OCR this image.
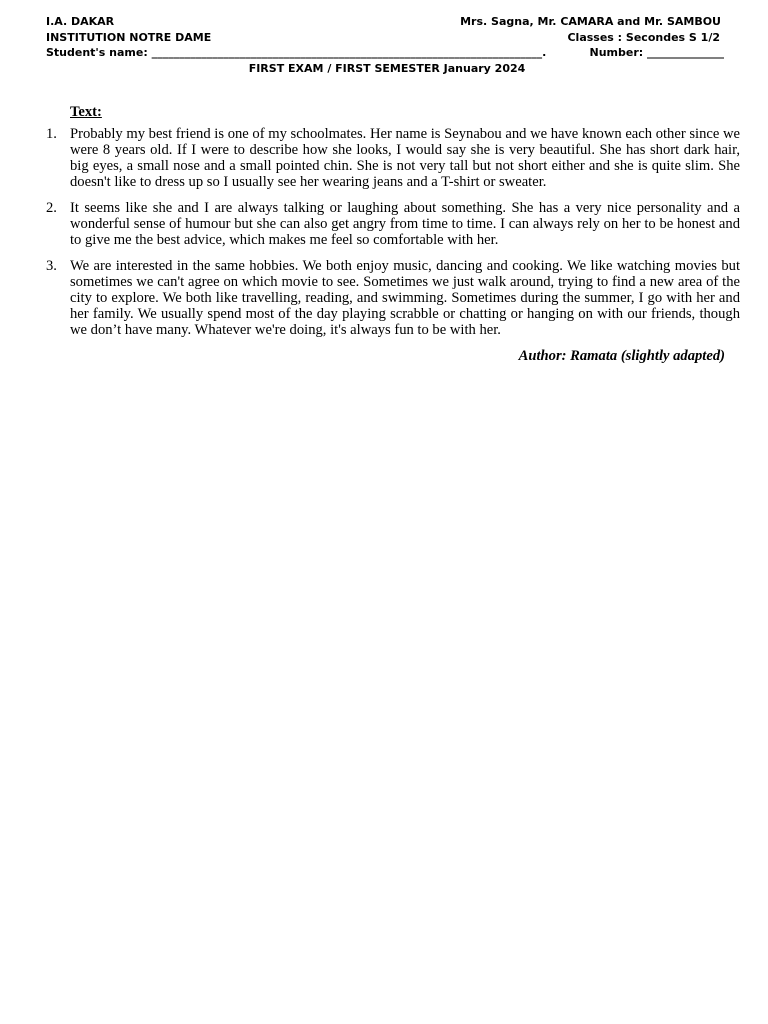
I.A. DAKAR	Mrs. Sagna, Mr. CAMARA and Mr. SAMBOU
INSTITUTION NOTRE DAME	Classes : Secondes S 1/2
Student's name: _______________________________________________________________________.	Number: ______________
FIRST EXAM / FIRST SEMESTER January 2024
Text:
1. Probably my best friend is one of my schoolmates. Her name is Seynabou and we have known each other since we were 8 years old. If I were to describe how she looks, I would say she is very beautiful. She has short dark hair, big eyes, a small nose and a small pointed chin. She is not very tall but not short either and she is quite slim. She doesn't like to dress up so I usually see her wearing jeans and a T-shirt or sweater.
2. It seems like she and I are always talking or laughing about something. She has a very nice personality and a wonderful sense of humour but she can also get angry from time to time. I can always rely on her to be honest and to give me the best advice, which makes me feel so comfortable with her.
3. We are interested in the same hobbies. We both enjoy music, dancing and cooking. We like watching movies but sometimes we can't agree on which movie to see. Sometimes we just walk around, trying to find a new area of the city to explore. We both like travelling, reading, and swimming. Sometimes during the summer, I go with her and her family. We usually spend most of the day playing scrabble or chatting or hanging on with our friends, though we don’t have many. Whatever we're doing, it's always fun to be with her.
Author: Ramata (slightly adapted)
